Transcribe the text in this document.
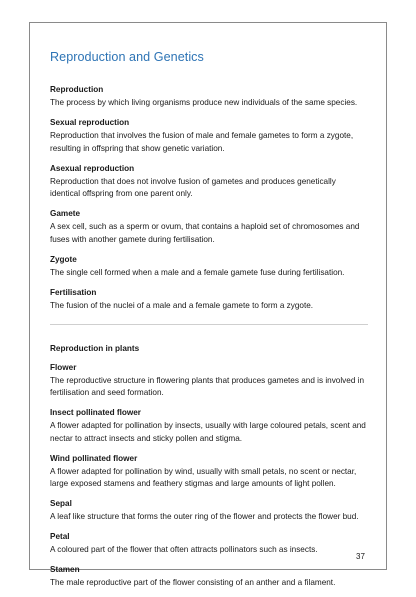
Reproduction and Genetics
Reproduction
The process by which living organisms produce new individuals of the same species.
Sexual reproduction
Reproduction that involves the fusion of male and female gametes to form a zygote, resulting in offspring that show genetic variation.
Asexual reproduction
Reproduction that does not involve fusion of gametes and produces genetically identical offspring from one parent only.
Gamete
A sex cell, such as a sperm or ovum, that contains a haploid set of chromosomes and fuses with another gamete during fertilisation.
Zygote
The single cell formed when a male and a female gamete fuse during fertilisation.
Fertilisation
The fusion of the nuclei of a male and a female gamete to form a zygote.
Reproduction in plants
Flower
The reproductive structure in flowering plants that produces gametes and is involved in fertilisation and seed formation.
Insect pollinated flower
A flower adapted for pollination by insects, usually with large coloured petals, scent and nectar to attract insects and sticky pollen and stigma.
Wind pollinated flower
A flower adapted for pollination by wind, usually with small petals, no scent or nectar, large exposed stamens and feathery stigmas and large amounts of light pollen.
Sepal
A leaf like structure that forms the outer ring of the flower and protects the flower bud.
Petal
A coloured part of the flower that often attracts pollinators such as insects.
Stamen
The male reproductive part of the flower consisting of an anther and a filament.
37
